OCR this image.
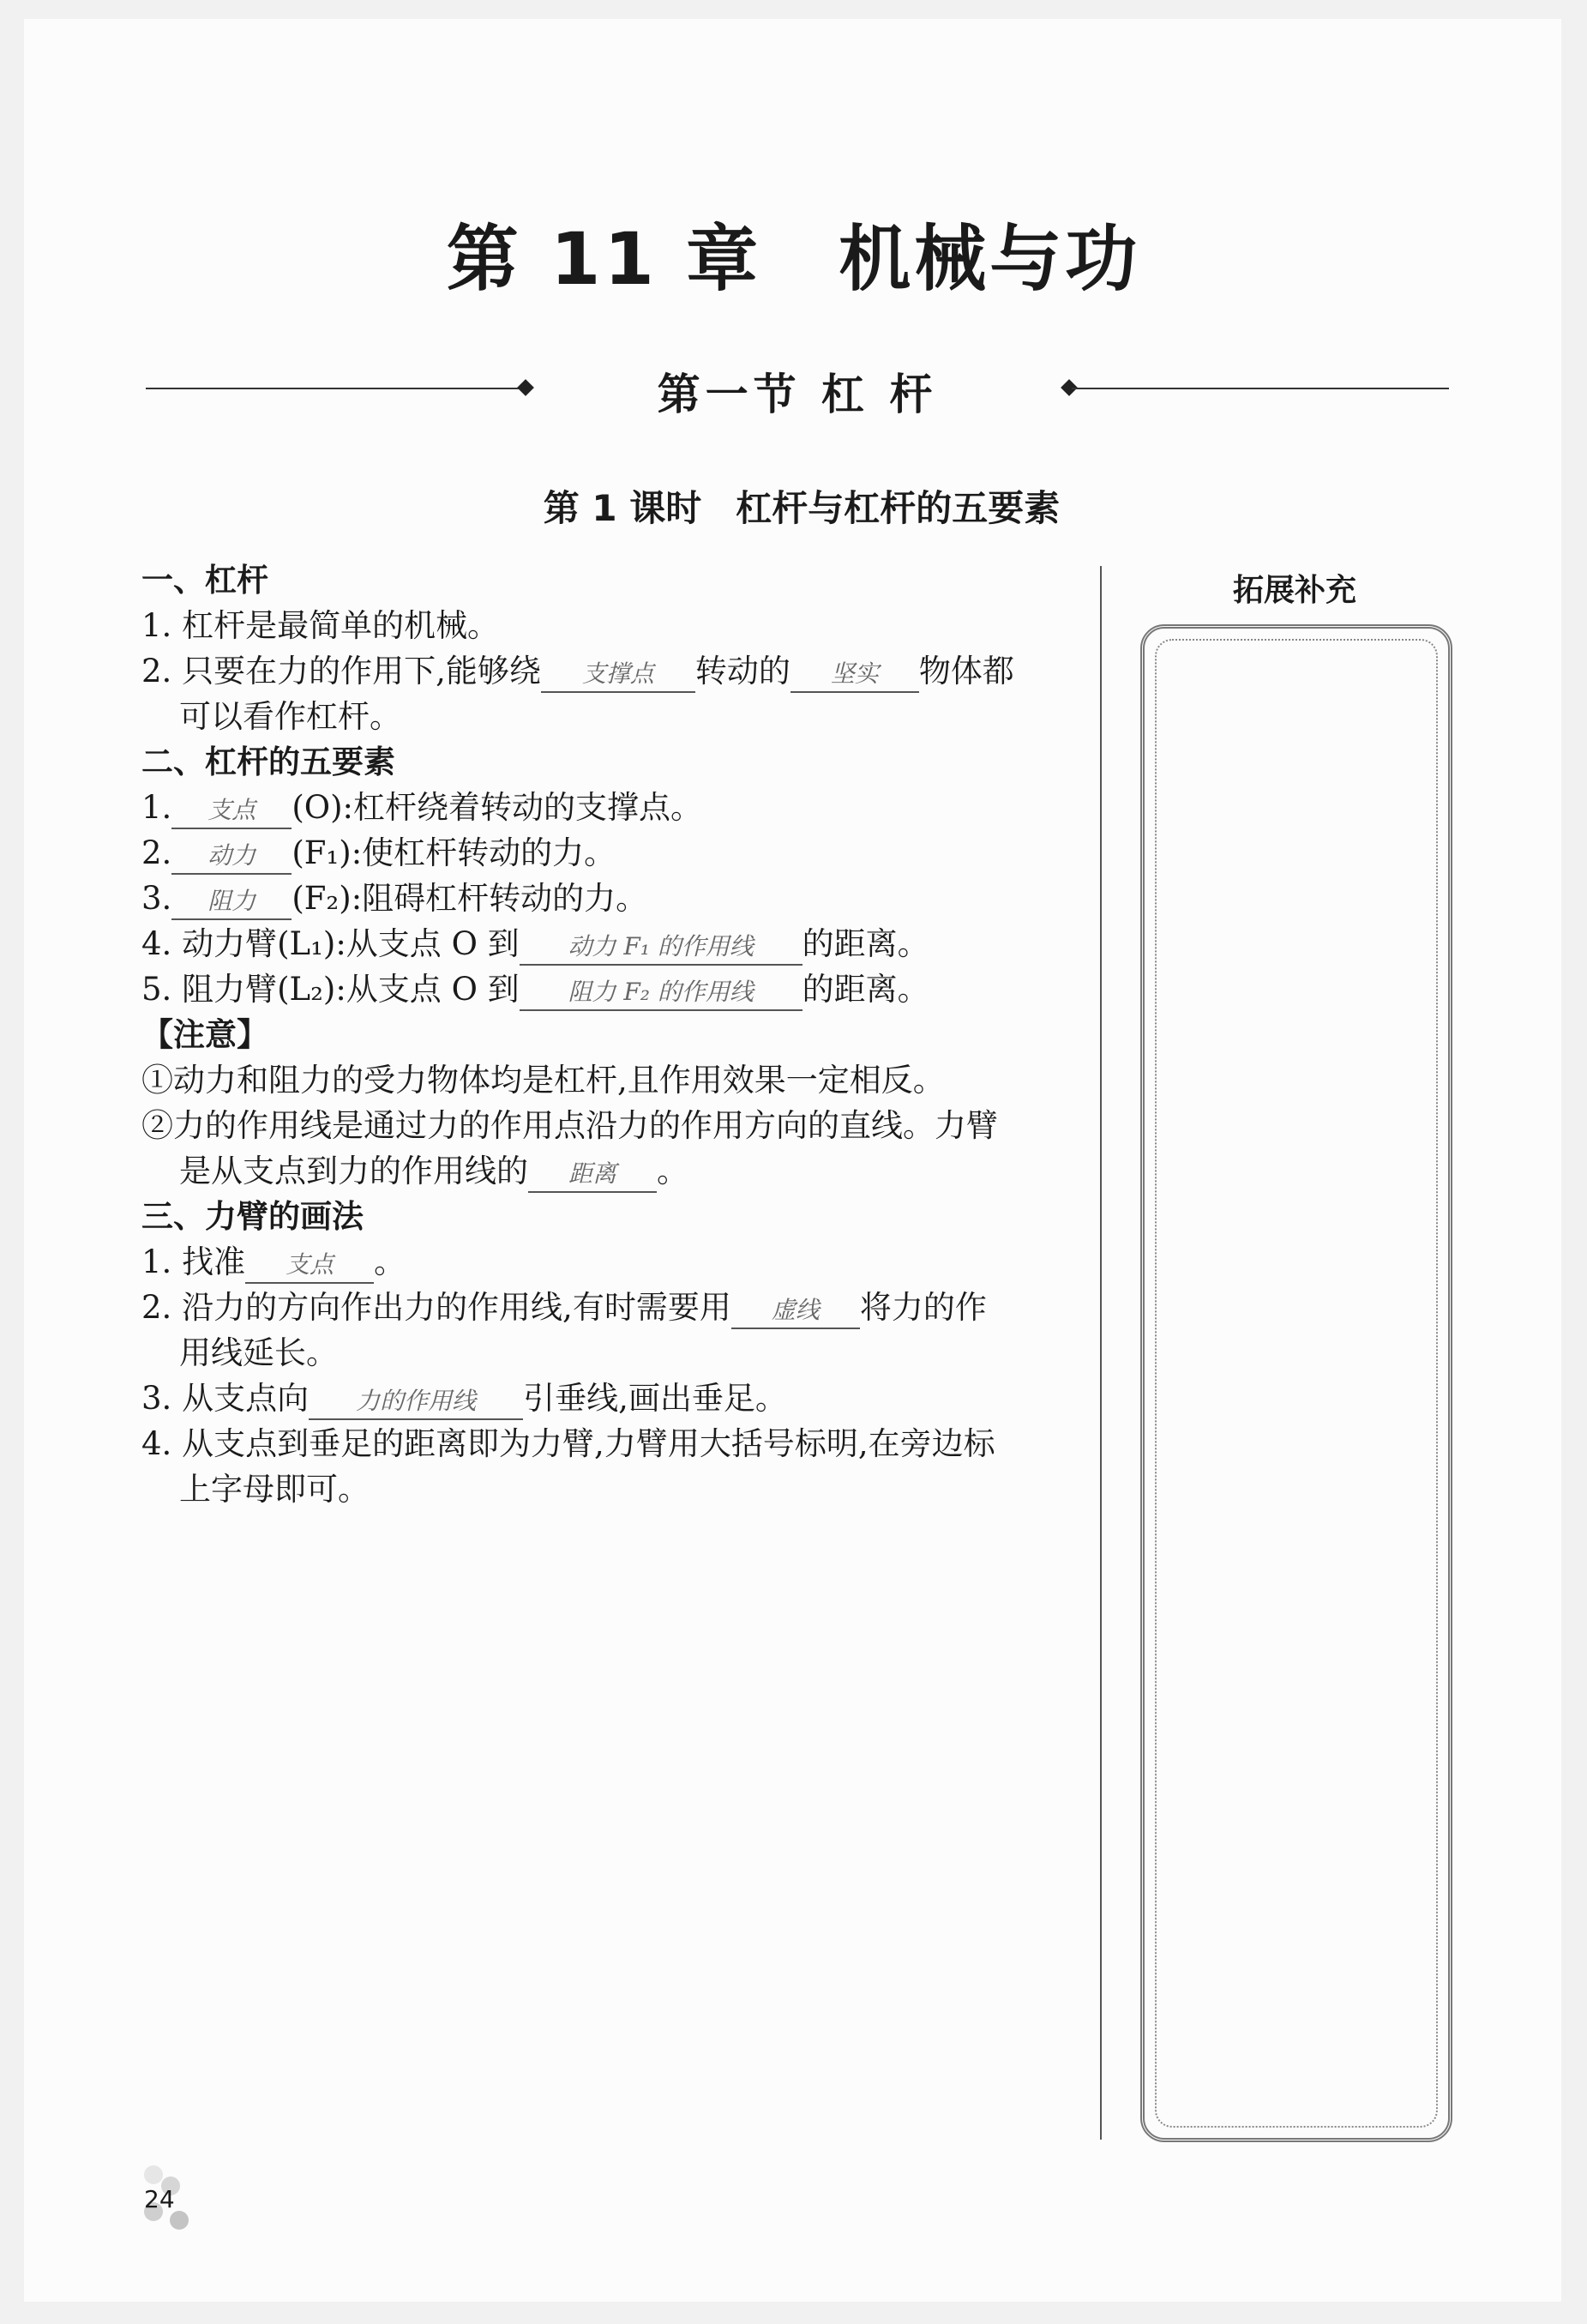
第 11 章 机械与功
第一节 杠 杆
第 1 课时 杠杆与杠杆的五要素
一、杠杆
1. 杠杆是最简单的机械。
2. 只要在力的作用下,能够绕 支撑点 转动的 坚实 物体都
可以看作杠杆。
二、杠杆的五要素
1. 支点 (O):杠杆绕着转动的支撑点。
2. 动力 (F₁):使杠杆转动的力。
3. 阻力 (F₂):阻碍杠杆转动的力。
4. 动力臂(L₁):从支点 O 到 动力 F₁ 的作用线 的距离。
5. 阻力臂(L₂):从支点 O 到 阻力 F₂ 的作用线 的距离。
【注意】
①动力和阻力的受力物体均是杠杆,且作用效果一定相反。
②力的作用线是通过力的作用点沿力的作用方向的直线。力臂
是从支点到力的作用线的 距离 。
三、力臂的画法
1. 找准 支点 。
2. 沿力的方向作出力的作用线,有时需要用 虚线 将力的作
用线延长。
3. 从支点向 力的作用线 引垂线,画出垂足。
4. 从支点到垂足的距离即为力臂,力臂用大括号标明,在旁边标
上字母即可。
拓展补充
24
